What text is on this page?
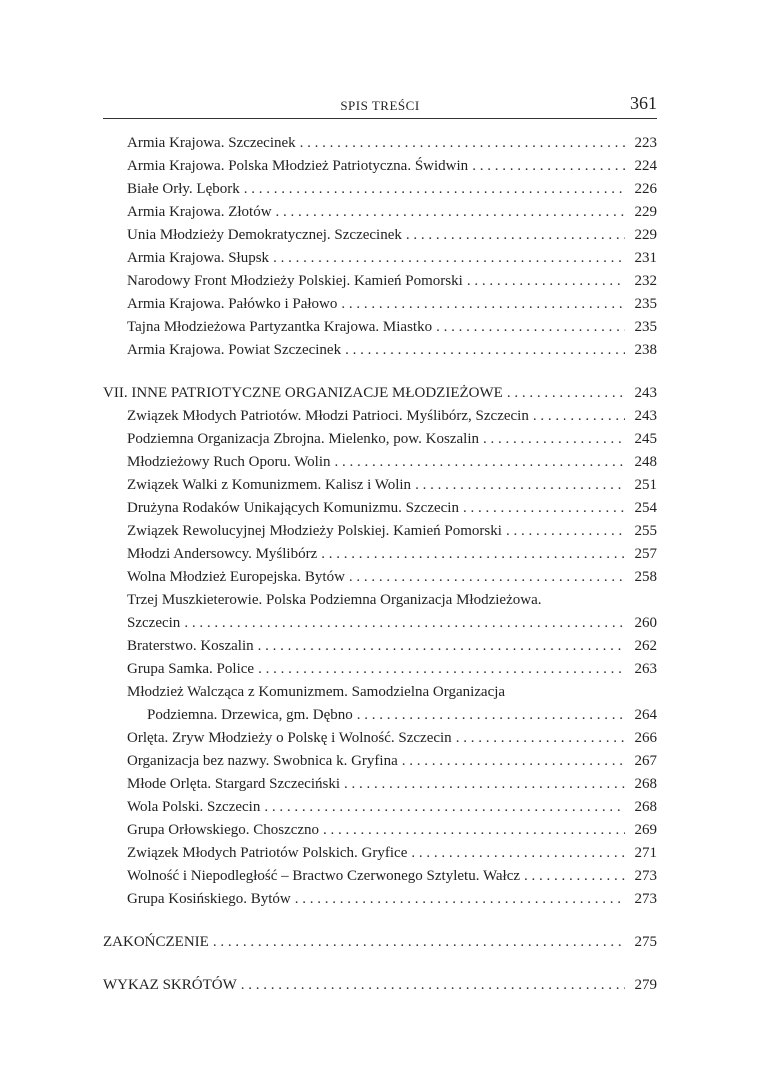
SPIS TREŚCI	361
Armia Krajowa. Szczecinek . . .	223
Armia Krajowa. Polska Młodzież Patriotyczna. Świdwin . . .	224
Białe Orły. Lębork . . .	226
Armia Krajowa. Złotów . . .	229
Unia Młodzieży Demokratycznej. Szczecinek . . .	229
Armia Krajowa. Słupsk . . .	231
Narodowy Front Młodzieży Polskiej. Kamień Pomorski . . .	232
Armia Krajowa. Pałówko i Pałowo . . .	235
Tajna Młodzieżowa Partyzantka Krajowa. Miastko . . .	235
Armia Krajowa. Powiat Szczecinek . . .	238
VII. INNE PATRIOTYCZNE ORGANIZACJE MŁODZIEŻOWE . . .	243
Związek Młodych Patriotów. Młodzi Patrioci. Myślibórz, Szczecin . . .	243
Podziemna Organizacja Zbrojna. Mielenko, pow. Koszalin . . .	245
Młodzieżowy Ruch Oporu. Wolin . . .	248
Związek Walki z Komunizmem. Kalisz i Wolin . . .	251
Drużyna Rodaków Unikających Komunizmu. Szczecin . . .	254
Związek Rewolucyjnej Młodzieży Polskiej. Kamień Pomorski . . .	255
Młodzi Andersowcy. Myślibórz . . .	257
Wolna Młodzież Europejska. Bytów . . .	258
Trzej Muszkieterowie. Polska Podziemna Organizacja Młodzieżowa.
Szczecin . . .	260
Braterstwo. Koszalin . . .	262
Grupa Samka. Police . . .	263
Młodzież Walcząca z Komunizmem. Samodzielna Organizacja
Podziemna. Drzewica, gm. Dębno . . .	264
Orlęta. Zryw Młodzieży o Polskę i Wolność. Szczecin . . .	266
Organizacja bez nazwy. Swobnica k. Gryfina . . .	267
Młode Orlęta. Stargard Szczeciński . . .	268
Wola Polski. Szczecin . . .	268
Grupa Orłowskiego. Choszczno . . .	269
Związek Młodych Patriotów Polskich. Gryfice . . .	271
Wolność i Niepodległość – Bractwo Czerwonego Sztyletu. Wałcz . . .	273
Grupa Kosińskiego. Bytów . . .	273
ZAKOŃCZENIE . . .	275
WYKAZ SKRÓTÓW . . .	279
